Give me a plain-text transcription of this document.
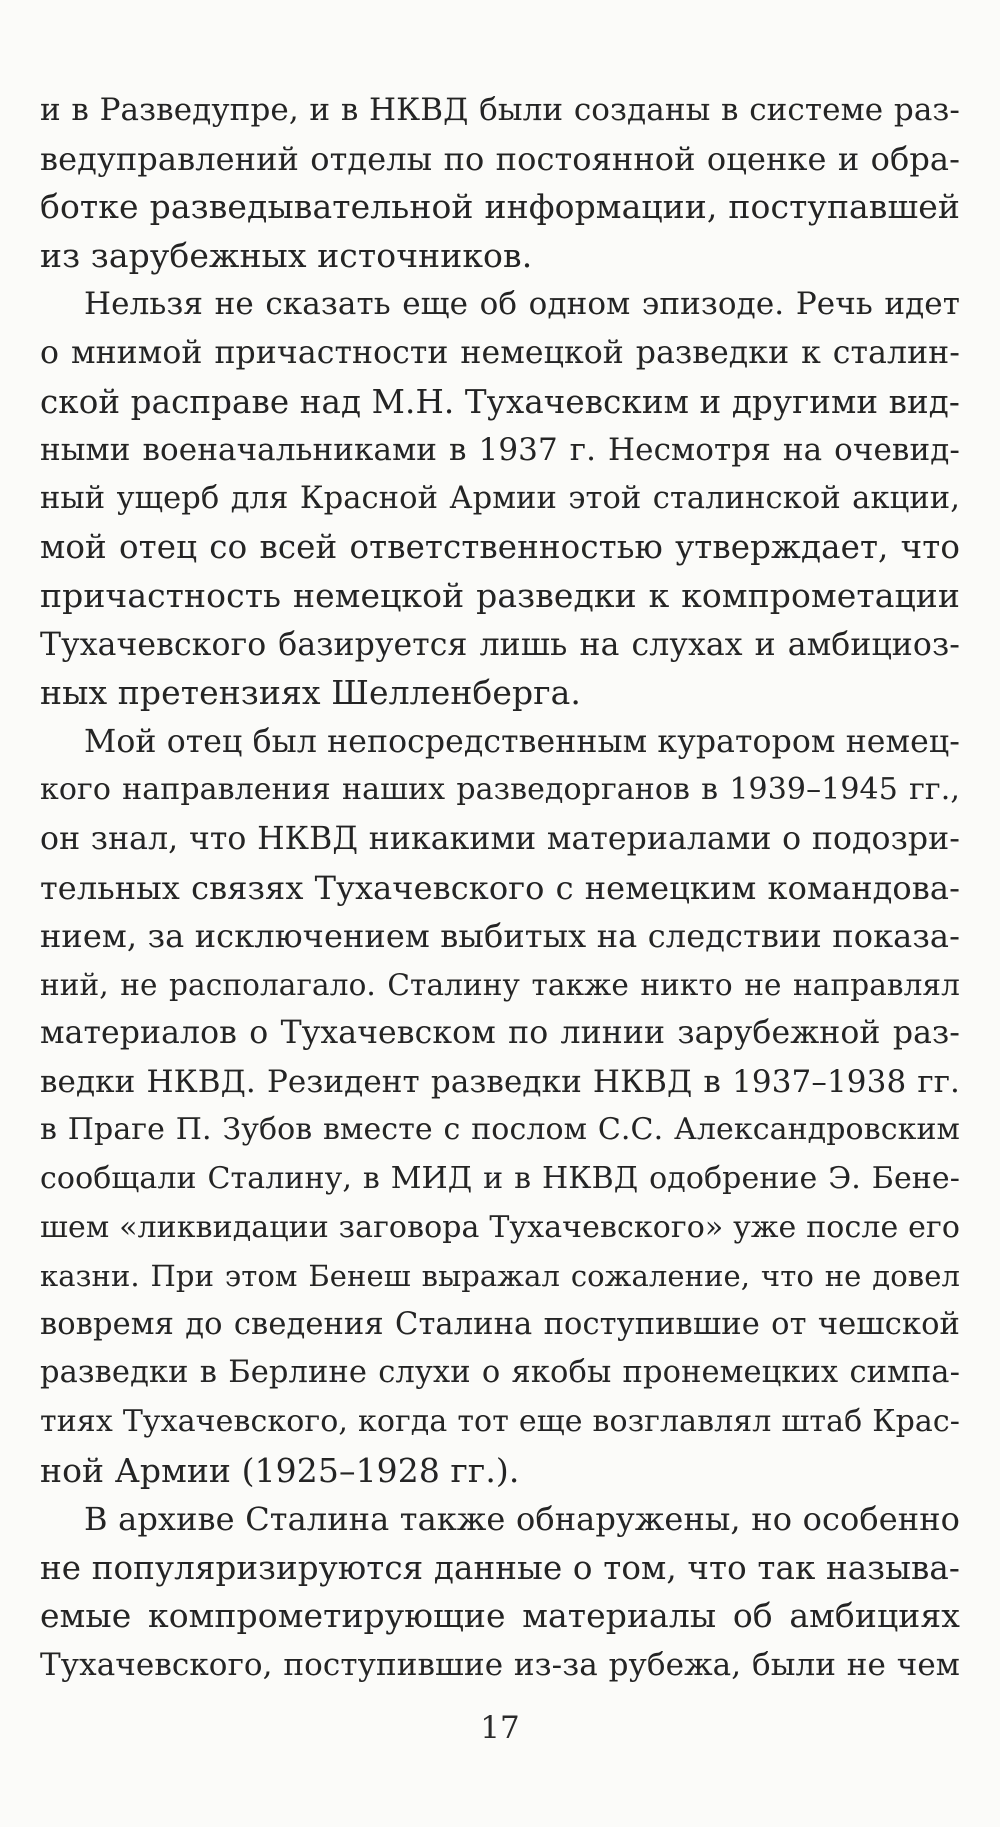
и в Разведупре, и в НКВД были созданы в системе раз-
ведуправлений отделы по постоянной оценке и обра-
ботке разведывательной информации, поступавшей
из зарубежных источников.
Нельзя не сказать еще об одном эпизоде. Речь идет
о мнимой причастности немецкой разведки к сталин-
ской расправе над М.Н. Тухачевским и другими вид-
ными военачальниками в 1937 г. Несмотря на очевид-
ный ущерб для Красной Армии этой сталинской акции,
мой отец со всей ответственностью утверждает, что
причастность немецкой разведки к компрометации
Тухачевского базируется лишь на слухах и амбициоз-
ных претензиях Шелленберга.
Мой отец был непосредственным куратором немец-
кого направления наших разведорганов в 1939–1945 гг.,
он знал, что НКВД никакими материалами о подозри-
тельных связях Тухачевского с немецким командова-
нием, за исключением выбитых на следствии показа-
ний, не располагало. Сталину также никто не направлял
материалов о Тухачевском по линии зарубежной раз-
ведки НКВД. Резидент разведки НКВД в 1937–1938 гг.
в Праге П. Зубов вместе с послом С.С. Александровским
сообщали Сталину, в МИД и в НКВД одобрение Э. Бене-
шем «ликвидации заговора Тухачевского» уже после его
казни. При этом Бенеш выражал сожаление, что не довел
вовремя до сведения Сталина поступившие от чешской
разведки в Берлине слухи о якобы пронемецких симпа-
тиях Тухачевского, когда тот еще возглавлял штаб Крас-
ной Армии (1925–1928 гг.).
В архиве Сталина также обнаружены, но особенно
не популяризируются данные о том, что так называ-
емые компрометирующие материалы об амбициях
Тухачевского, поступившие из-за рубежа, были не чем
17
